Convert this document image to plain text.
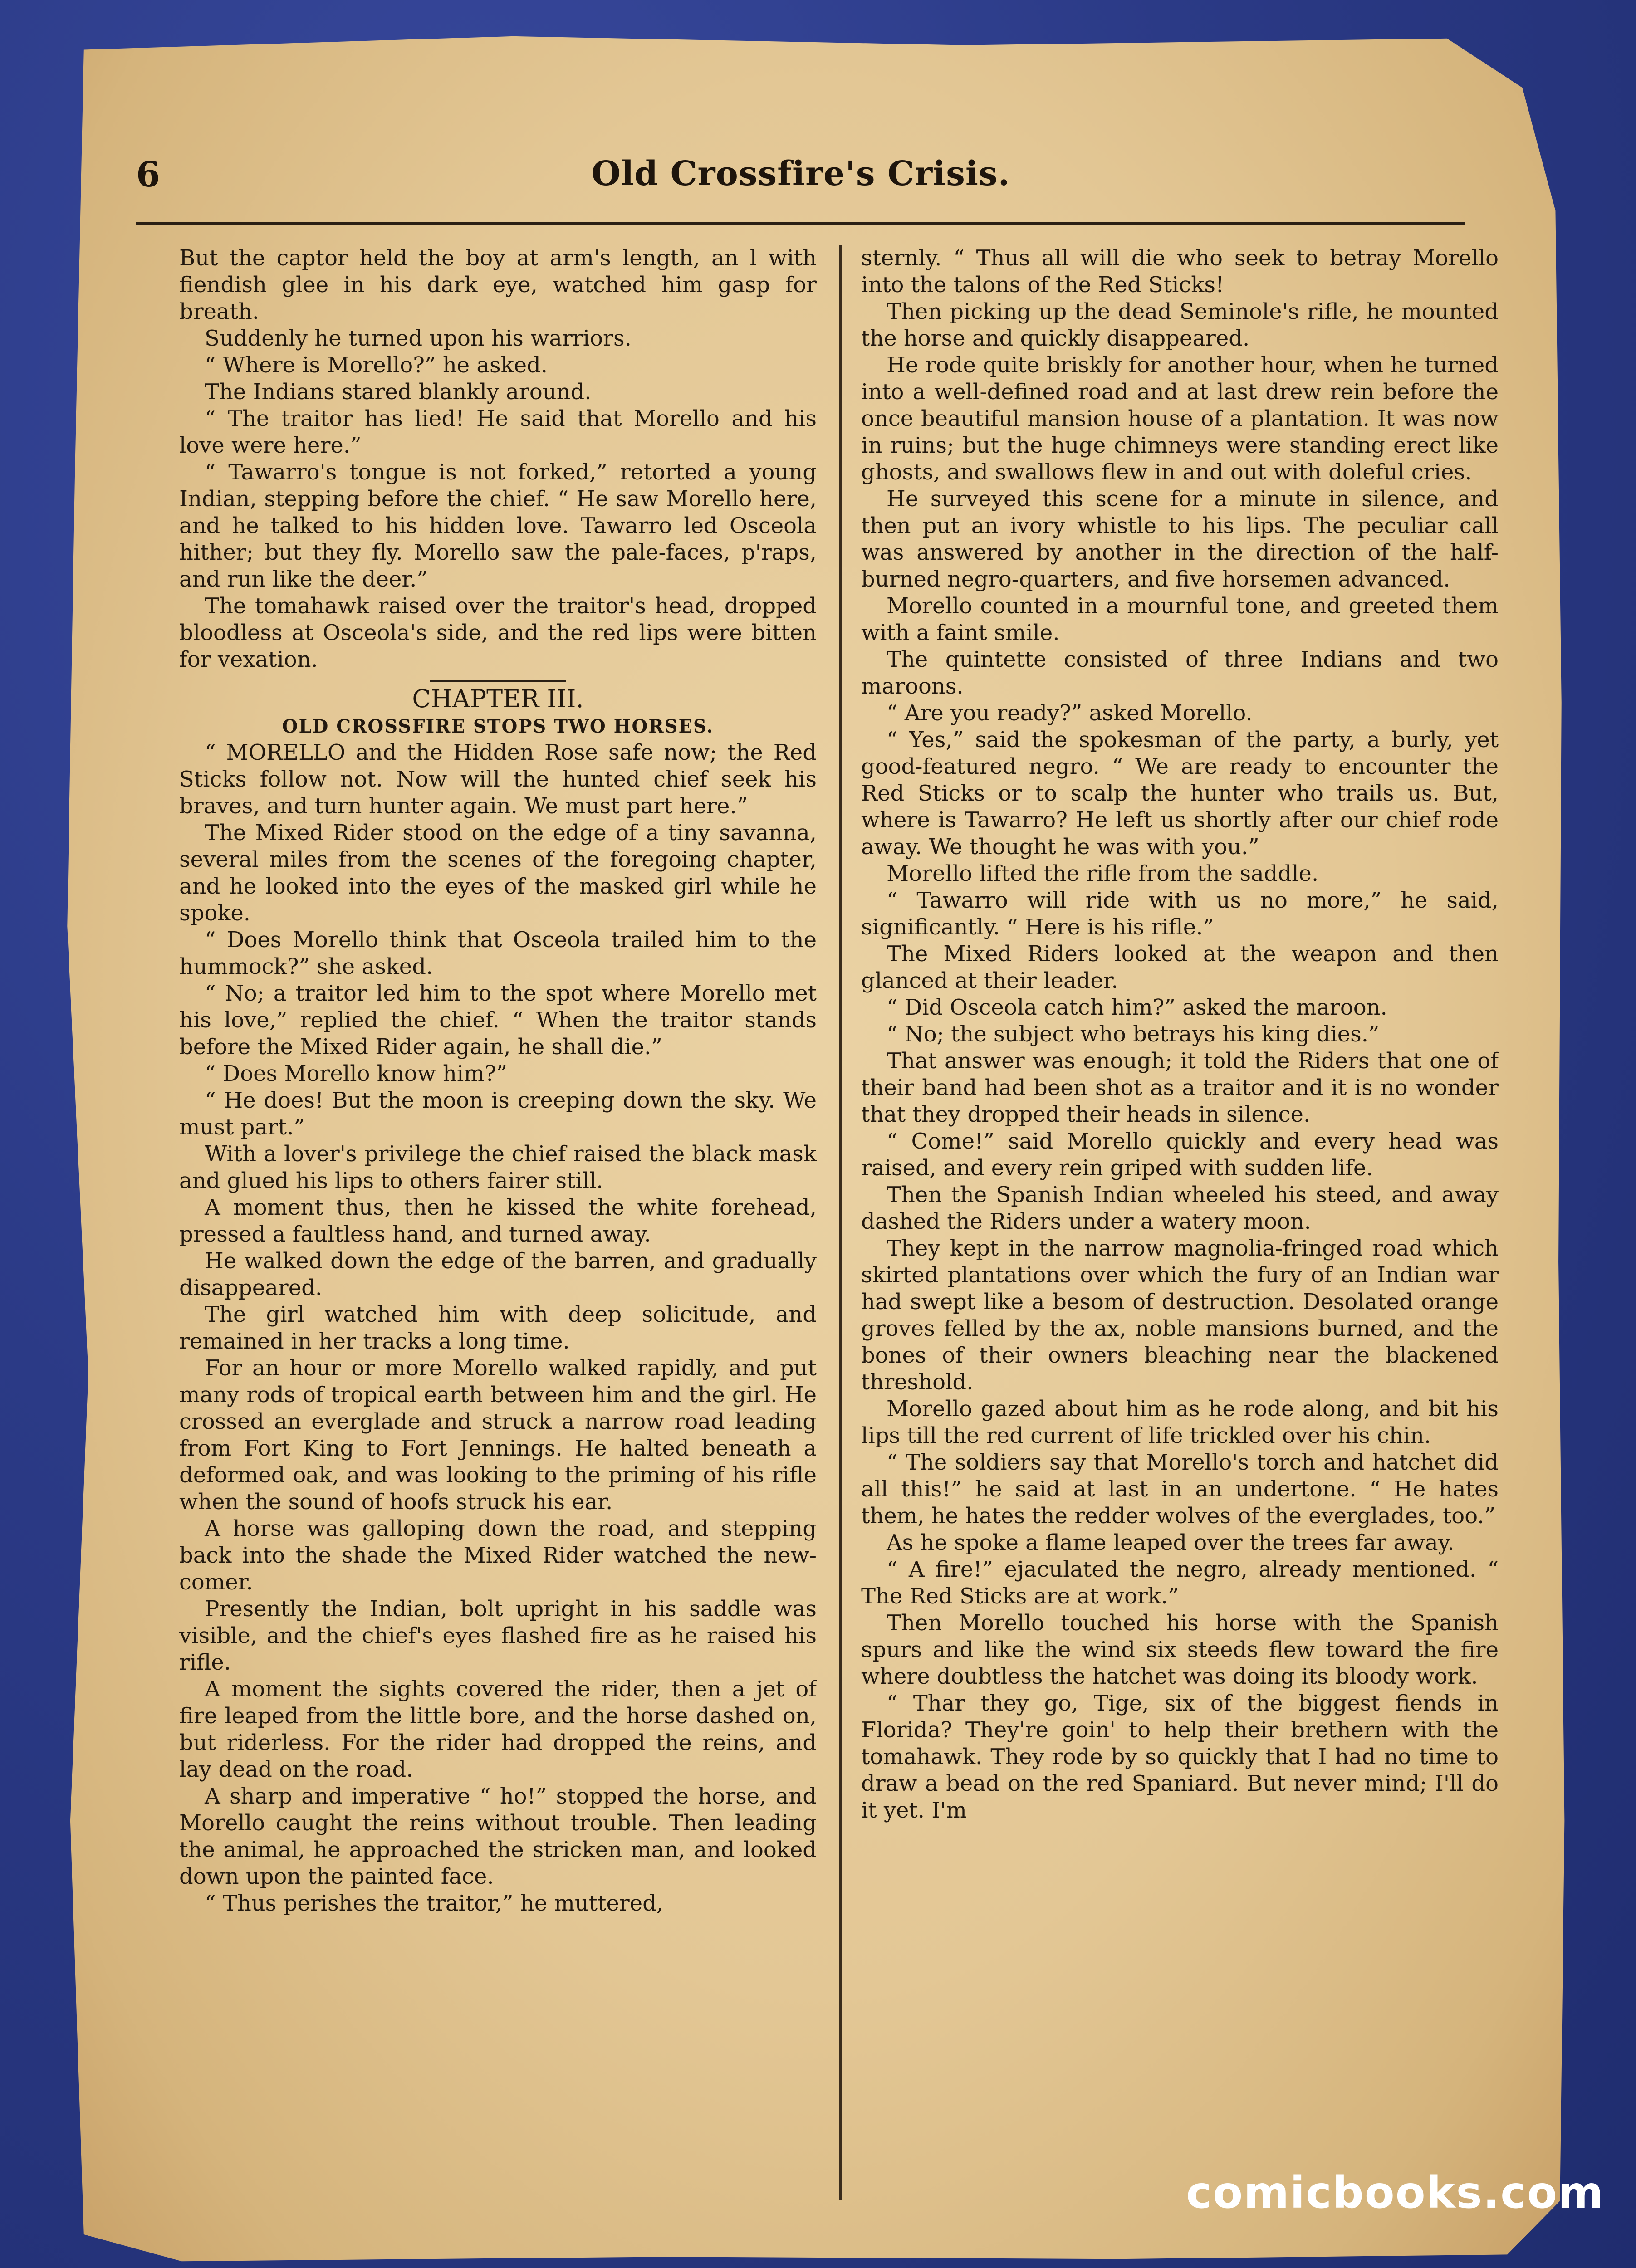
6	Old Crossfire's Crisis.

But the captor held the boy at arm's length, an l with fiendish glee in his dark eye, watched him gasp for breath.

Suddenly he turned upon his warriors.

“ Where is Morello?” he asked.

The Indians stared blankly around.

“ The traitor has lied! He said that Morello and his love were here.”

“ Tawarro's tongue is not forked,” retorted a young Indian, stepping before the chief. “ He saw Morello here, and he talked to his hidden love. Tawarro led Osceola hither; but they fly. Morello saw the pale-faces, p'raps, and run like the deer.”

The tomahawk raised over the traitor's head, dropped bloodless at Osceola's side, and the red lips were bitten for vexation.

CHAPTER III.

OLD CROSSFIRE STOPS TWO HORSES.

“ MORELLO and the Hidden Rose safe now; the Red Sticks follow not. Now will the hunted chief seek his braves, and turn hunter again. We must part here.”

The Mixed Rider stood on the edge of a tiny savanna, several miles from the scenes of the foregoing chapter, and he looked into the eyes of the masked girl while he spoke.

“ Does Morello think that Osceola trailed him to the hummock?” she asked.

“ No; a traitor led him to the spot where Morello met his love,” replied the chief. “ When the traitor stands before the Mixed Rider again, he shall die.”

“ Does Morello know him?”

“ He does! But the moon is creeping down the sky. We must part.”

With a lover's privilege the chief raised the black mask and glued his lips to others fairer still.

A moment thus, then he kissed the white forehead, pressed a faultless hand, and turned away.

He walked down the edge of the barren, and gradually disappeared.

The girl watched him with deep solicitude, and remained in her tracks a long time.

For an hour or more Morello walked rapidly, and put many rods of tropical earth between him and the girl. He crossed an everglade and struck a narrow road leading from Fort King to Fort Jennings. He halted beneath a deformed oak, and was looking to the priming of his rifle when the sound of hoofs struck his ear.

A horse was galloping down the road, and stepping back into the shade the Mixed Rider watched the new-comer.

Presently the Indian, bolt upright in his saddle was visible, and the chief's eyes flashed fire as he raised his rifle.

A moment the sights covered the rider, then a jet of fire leaped from the little bore, and the horse dashed on, but riderless. For the rider had dropped the reins, and lay dead on the road.

A sharp and imperative “ ho!” stopped the horse, and Morello caught the reins without trouble. Then leading the animal, he approached the stricken man, and looked down upon the painted face.

“ Thus perishes the traitor,” he muttered,

sternly. “ Thus all will die who seek to betray Morello into the talons of the Red Sticks!

Then picking up the dead Seminole's rifle, he mounted the horse and quickly disappeared.

He rode quite briskly for another hour, when he turned into a well-defined road and at last drew rein before the once beautiful mansion house of a plantation. It was now in ruins; but the huge chimneys were standing erect like ghosts, and swallows flew in and out with doleful cries.

He surveyed this scene for a minute in silence, and then put an ivory whistle to his lips. The peculiar call was answered by another in the direction of the half-burned negro-quarters, and five horsemen advanced.

Morello counted in a mournful tone, and greeted them with a faint smile.

The quintette consisted of three Indians and two maroons.

“ Are you ready?” asked Morello.

“ Yes,” said the spokesman of the party, a burly, yet good-featured negro. “ We are ready to encounter the Red Sticks or to scalp the hunter who trails us. But, where is Tawarro? He left us shortly after our chief rode away. We thought he was with you.”

Morello lifted the rifle from the saddle.

“ Tawarro will ride with us no more,” he said, significantly. “ Here is his rifle.”

The Mixed Riders looked at the weapon and then glanced at their leader.

“ Did Osceola catch him?” asked the maroon.

“ No; the subject who betrays his king dies.”

That answer was enough; it told the Riders that one of their band had been shot as a traitor and it is no wonder that they dropped their heads in silence.

“ Come!” said Morello quickly and every head was raised, and every rein griped with sudden life.

Then the Spanish Indian wheeled his steed, and away dashed the Riders under a watery moon.

They kept in the narrow magnolia-fringed road which skirted plantations over which the fury of an Indian war had swept like a besom of destruction. Desolated orange groves felled by the ax, noble mansions burned, and the bones of their owners bleaching near the blackened threshold.

Morello gazed about him as he rode along, and bit his lips till the red current of life trickled over his chin.

“ The soldiers say that Morello's torch and hatchet did all this!” he said at last in an undertone. “ He hates them, he hates the redder wolves of the everglades, too.”

As he spoke a flame leaped over the trees far away.

“ A fire!” ejaculated the negro, already mentioned. “ The Red Sticks are at work.”

Then Morello touched his horse with the Spanish spurs and like the wind six steeds flew toward the fire where doubtless the hatchet was doing its bloody work.

“ Thar they go, Tige, six of the biggest fiends in Florida? They're goin' to help their brethern with the tomahawk. They rode by so quickly that I had no time to draw a bead on the red Spaniard. But never mind; I'll do it yet. I'm

comicbooks.com
